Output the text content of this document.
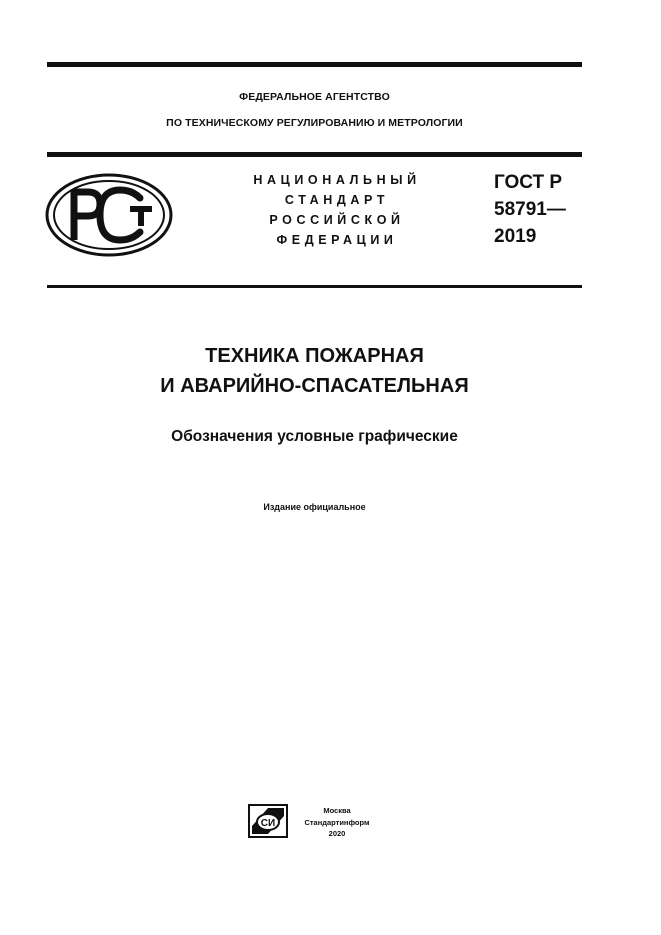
ФЕДЕРАЛЬНОЕ АГЕНТСТВО
ПО ТЕХНИЧЕСКОМУ РЕГУЛИРОВАНИЮ И МЕТРОЛОГИИ
НАЦИОНАЛЬНЫЙ
СТАНДАРТ
РОССИЙСКОЙ
ФЕДЕРАЦИИ
ГОСТ Р
58791—
2019
ТЕХНИКА ПОЖАРНАЯ
И АВАРИЙНО-СПАСАТЕЛЬНАЯ
Обозначения условные графические
Издание официальное
СИ
Москва
Стандартинформ
2020
